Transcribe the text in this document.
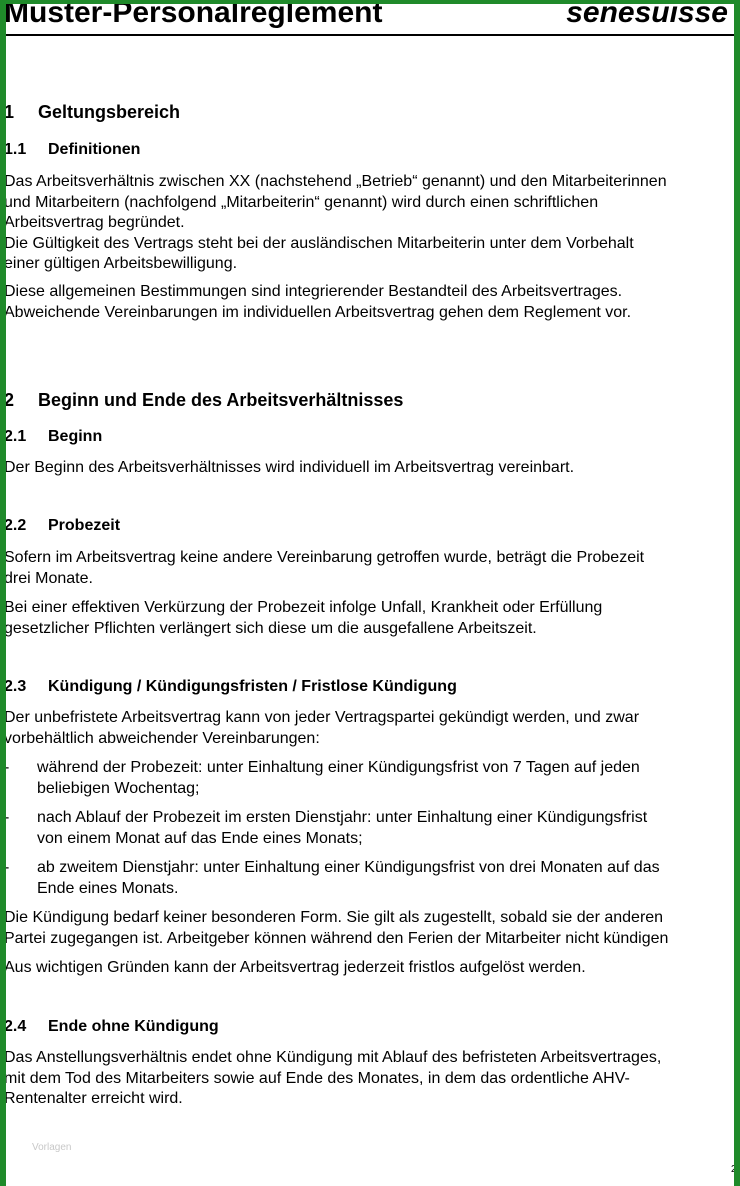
Muster-Personalreglement	senesuisse
1 Geltungsbereich
1.1 Definitionen
Das Arbeitsverhältnis zwischen XX (nachstehend „Betrieb“ genannt) und den Mitarbeiterinnen
und Mitarbeitern (nachfolgend „Mitarbeiterin“ genannt) wird durch einen schriftlichen
Arbeitsvertrag begründet.
Die Gültigkeit des Vertrags steht bei der ausländischen Mitarbeiterin unter dem Vorbehalt
einer gültigen Arbeitsbewilligung.
Diese allgemeinen Bestimmungen sind integrierender Bestandteil des Arbeitsvertrages.
Abweichende Vereinbarungen im individuellen Arbeitsvertrag gehen dem Reglement vor.
2 Beginn und Ende des Arbeitsverhältnisses
2.1 Beginn
Der Beginn des Arbeitsverhältnisses wird individuell im Arbeitsvertrag vereinbart.
2.2 Probezeit
Sofern im Arbeitsvertrag keine andere Vereinbarung getroffen wurde, beträgt die Probezeit
drei Monate.
Bei einer effektiven Verkürzung der Probezeit infolge Unfall, Krankheit oder Erfüllung
gesetzlicher Pflichten verlängert sich diese um die ausgefallene Arbeitszeit.
2.3 Kündigung / Kündigungsfristen / Fristlose Kündigung
Der unbefristete Arbeitsvertrag kann von jeder Vertragspartei gekündigt werden, und zwar
vorbehältlich abweichender Vereinbarungen:
- während der Probezeit: unter Einhaltung einer Kündigungsfrist von 7 Tagen auf jeden
beliebigen Wochentag;
- nach Ablauf der Probezeit im ersten Dienstjahr: unter Einhaltung einer Kündigungsfrist
von einem Monat auf das Ende eines Monats;
- ab zweitem Dienstjahr: unter Einhaltung einer Kündigungsfrist von drei Monaten auf das
Ende eines Monats.
Die Kündigung bedarf keiner besonderen Form. Sie gilt als zugestellt, sobald sie der anderen
Partei zugegangen ist. Arbeitgeber können während den Ferien der Mitarbeiter nicht kündigen
Aus wichtigen Gründen kann der Arbeitsvertrag jederzeit fristlos aufgelöst werden.
2.4 Ende ohne Kündigung
Das Anstellungsverhältnis endet ohne Kündigung mit Ablauf des befristeten Arbeitsvertrages,
mit dem Tod des Mitarbeiters sowie auf Ende des Monates, in dem das ordentliche AHV-
Rentenalter erreicht wird.
Vorlagen
2
